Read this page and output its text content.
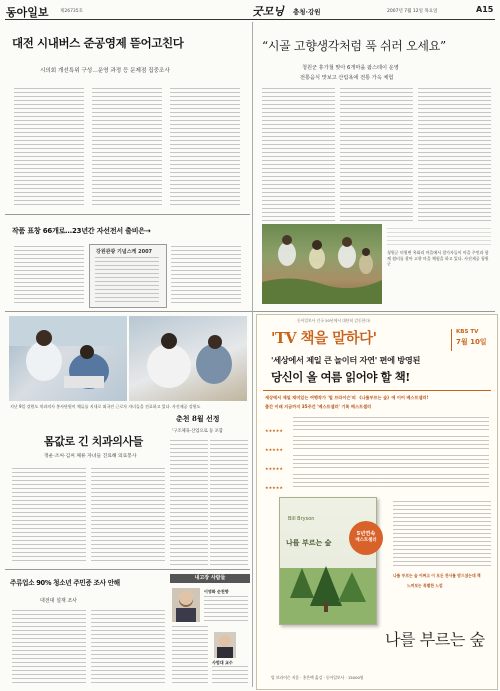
동아일보	제26735호	굿모닝 충청·강원	2007년 7월 12일 목요일	A15
대전 시내버스 준공영제 뜯어고친다
시의회 개선특위 구성…운영 과정 등 문제점 집중조사
작품 표창 66개로…23년간 자선전서 출비은→
강원관광 기념스케 2007
“시골 고향생각처럼 푹 쉬러 오세요”
청원군 휴가철 맞아 6개마을 팜스테이 운영
전통음식 맛보고 산림욕에 전통 가옥 체험
청원군 미원면 옥화리 마을에서 참가자들이 마을 주민과 함께 쉼터를 찾아 고향 마을 체험을 하고 있다. 사진제공 청원군
지난 9일 강원도 치과의사 봉사단원이 체류를 지내로 외국인 근로자 자녀들을 진료하고 있다. 사진제공 강원도
몸값로 긴 치과의사들
정운·조씨·김씨 체류 자녀들 진료해 의료봉사
춘천 8월 선정
'구조체육·산업으로 등 포함
주류업소 90% 청소년 주민증 조사 안해
대전대 설재 조사
내고장 사람들
이영화 순천향
사범대 교수
동아일보사 건국 50년에서 대단히 감동한다!
'TV 책을 말하다'	KBS TV
7월 10일
'세상에서 제일 큰 놀이터 자연' 편에 방영된
당신이 올 여름 읽어야 할 책!
세상에서 제일 재미있는 여행작가 '빌 브라이슨'의 《나를부르는 숲》에 이어 베스트셀러!
출간 이래 지금까지 35주간 '베스트셀러' 기록 베스트셀러
★★★★★
★★★★★
★★★★★
★★★★★
Bill Bryson
나를 부르는 숲
5년연속
베스트셀러
나를 부르는 숲 어쩌고 이 모든 찬사를 받으셨는데 책
느껴보는 특별한 느낌
나를 부르는 숲
빌 브라이슨 지음 · 홍은택 옮김 · 동아일보사 · 15000원
